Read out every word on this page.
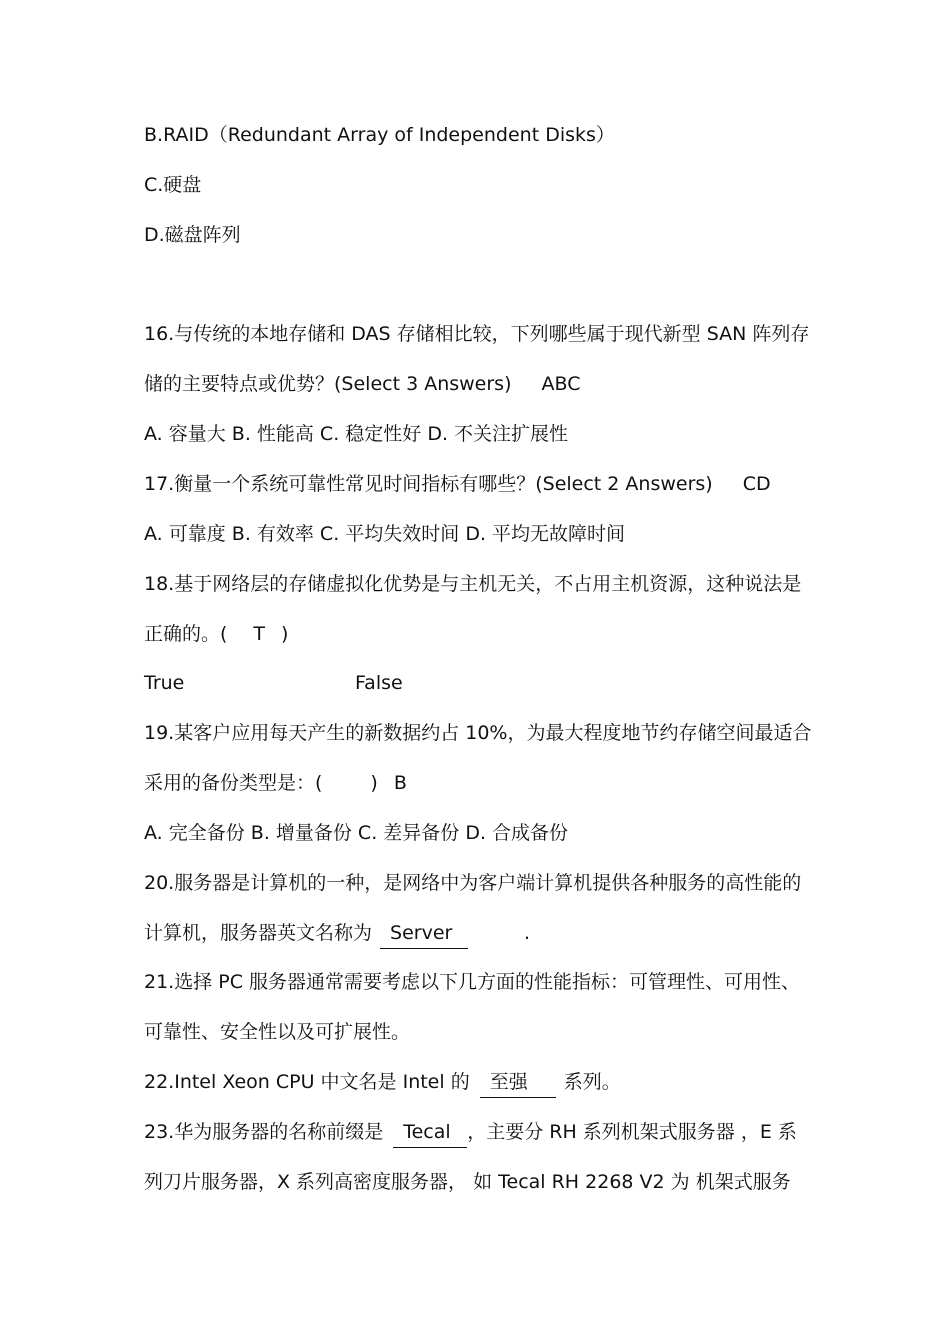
B.RAID（Redundant Array of Independent Disks）
C.硬盘
D.磁盘阵列
16.与传统的本地存储和 DAS 存储相比较，下列哪些属于现代新型 SAN 阵列存
储的主要特点或优势？(Select 3 Answers) ABC
A. 容量大 B. 性能高 C. 稳定性好 D. 不关注扩展性
17.衡量一个系统可靠性常见时间指标有哪些？(Select 2 Answers) CD
A. 可靠度 B. 有效率 C. 平均失效时间 D. 平均无故障时间
18.基于网络层的存储虚拟化优势是与主机无关，不占用主机资源，这种说法是
正确的。( T )
True	False
19.某客户应用每天产生的新数据约占 10%，为最大程度地节约存储空间最适合
采用的备份类型是：(	) B
A. 完全备份 B. 增量备份 C. 差异备份 D. 合成备份
20.服务器是计算机的一种，是网络中为客户端计算机提供各种服务的高性能的
计算机，服务器英文名称为 Server	.
21.选择 PC 服务器通常需要考虑以下几方面的性能指标：可管理性、可用性、
可靠性、安全性以及可扩展性。
22.Intel Xeon CPU 中文名是 Intel 的 至强 系列。
23.华为服务器的名称前缀是 Tecal ，主要分 RH 系列机架式服务器 ，E 系
列刀片服务器，X 系列高密度服务器， 如 Tecal RH 2268 V2 为 机架式服务
